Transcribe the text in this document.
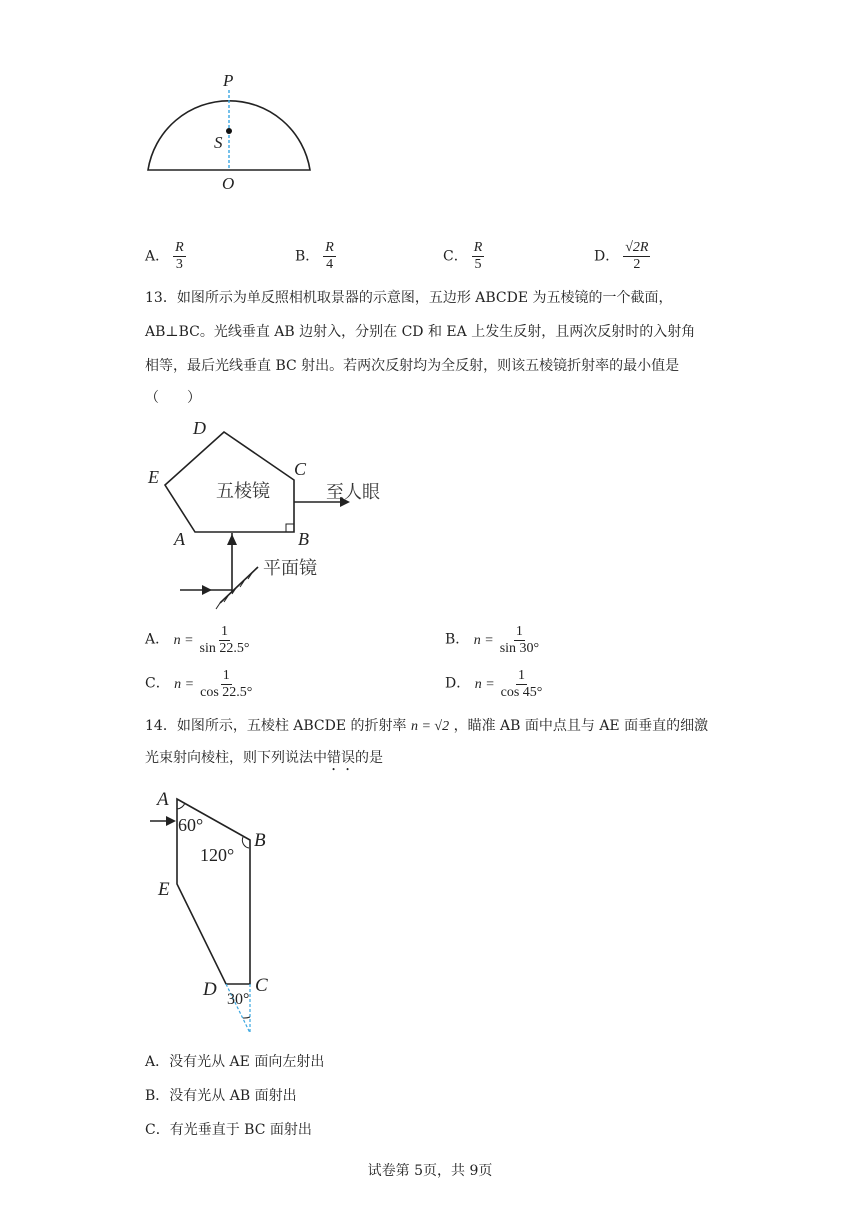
P
S
O
A． $\frac{R}{3}$	B． $\frac{R}{4}$	C． $\frac{R}{5}$	D． $\frac{√2R}{2}$
13．如图所示为单反照相机取景器的示意图，五边形 ABCDE 为五棱镜的一个截面，
AB⊥BC。光线垂直 AB 边射入，分别在 CD 和 EA 上发生反射，且两次反射时的入射角
相等，最后光线垂直 BC 射出。若两次反射均为全反射，则该五棱镜折射率的最小值是
（　　）
D
C
E
A	B
五棱镜	至人眼
平面镜
A． $n = \frac{1}{\sin 22.5^\circ}$	B． $n = \frac{1}{\sin 30^\circ}$
C． $n = \frac{1}{\cos 22.5^\circ}$	D． $n = \frac{1}{\cos 45^\circ}$
14．如图所示，五棱柱 ABCDE 的折射率 n = √2 ，瞄准 AB 面中点且与 AE 面垂直的细激
光束射向棱柱，则下列说法中错误的是
A
B
E
D C
60°
120°
30°
A．没有光从 AE 面向左射出
B．没有光从 AB 面射出
C．有光垂直于 BC 面射出
试卷第 5页，共 9页
